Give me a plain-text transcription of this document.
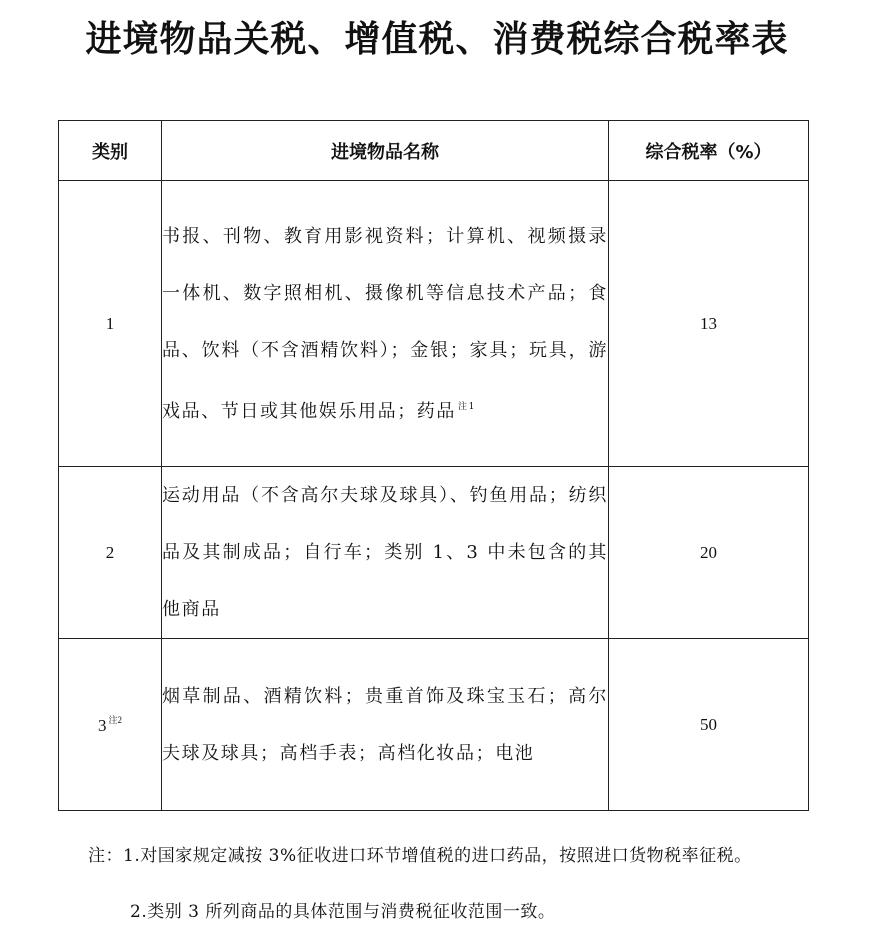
进境物品关税、增值税、消费税综合税率表
类别	进境物品名称	综合税率（%）
1	书报、刊物、教育用影视资料；计算机、视频摄录一体机、数字照相机、摄像机等信息技术产品；食品、饮料（不含酒精饮料）；金银；家具；玩具，游戏品、节日或其他娱乐用品；药品 $^{注1}$	13
2	运动用品（不含高尔夫球及球具）、钓鱼用品；纺织品及其制成品；自行车；类别 1、3 中未包含的其他商品	20
3 $^{注2}$	烟草制品、酒精饮料；贵重首饰及珠宝玉石；高尔夫球及球具；高档手表；高档化妆品；电池	50
注：1.对国家规定减按 3%征收进口环节增值税的进口药品，按照进口货物税率征税。
2.类别 3 所列商品的具体范围与消费税征收范围一致。
